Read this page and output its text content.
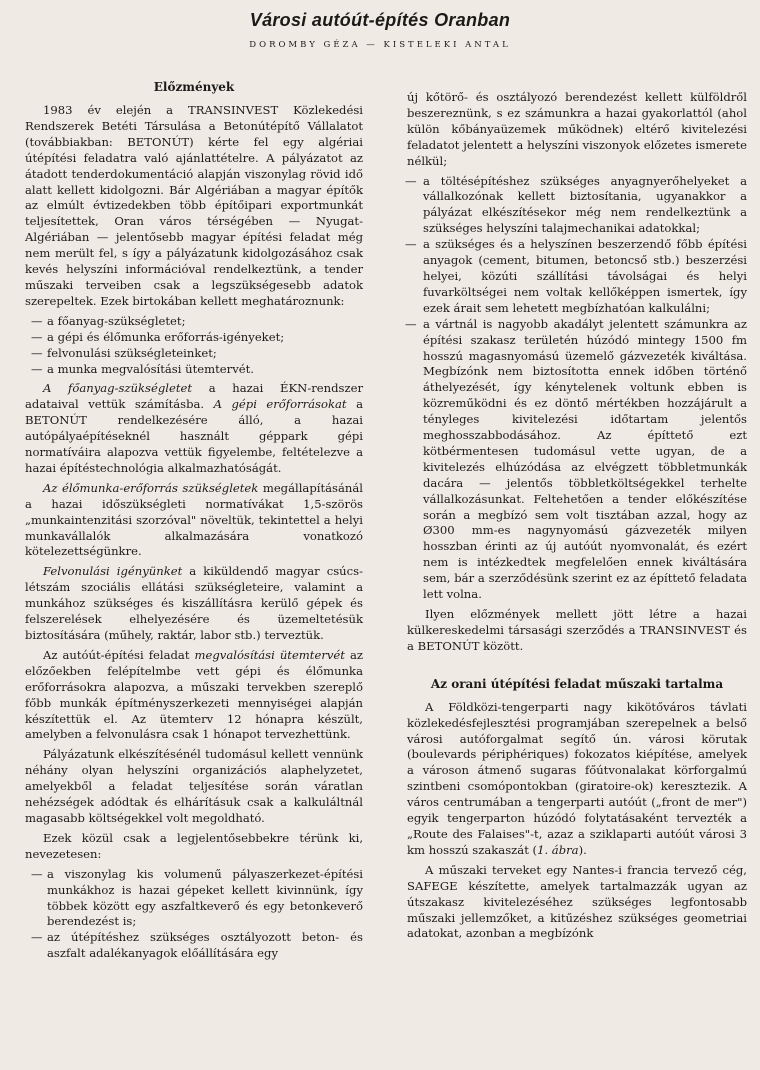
Városi autóút-építés Oranban
DOROMBY GÉZA — KISTELEKI ANTAL
Előzmények

1983 év elején a TRANSINVEST Közlekedési Rendszerek Betéti Társulása a Betonútépítő Vállalatot (továbbiakban: BETONÚT) kérte fel egy algériai útépítési feladatra való ajánlattételre. A pályázatot az átadott tenderdokumentáció alapján viszonylag rövid idő alatt kellett kidolgozni. Bár Algériában a magyar építők az elmúlt évtizedekben több építőipari exportmunkát teljesítettek, Oran város térségében — Nyugat-Algériában — jelentősebb magyar építési feladat még nem merült fel, s így a pályázatunk kidolgozásához csak kevés helyszíni információval rendelkeztünk, a tender műszaki terveiben csak a legszükségesebb adatok szerepeltek. Ezek birtokában kellett meghatároznunk:

— a főanyag-szükségletet;
— a gépi és élőmunka erőforrás-igényeket;
— felvonulási szükségleteinket;
— a munka megvalósítási ütemtervét.

A főanyag-szükségletet a hazai ÉKN-rendszer adataival vettük számításba. A gépi erőforrásokat a BETONÚT rendelkezésére álló, a hazai autópályaépítéseknél használt géppark gépi normatíváira alapozva vettük figyelembe, feltételezve a hazai építéstechnológia alkalmazhatóságát.

Az élőmunka-erőforrás szükségletek megállapításánál a hazai időszükségleti normatívákat 1,5-szörös „munkaintenzitási szorzóval" növeltük, tekintettel a helyi munkavállalók alkalmazására vonatkozó kötelezettségünkre.

Felvonulási igényünket a kiküldendő magyar csúcs-létszám szociális ellátási szükségleteire, valamint a munkához szükséges és kiszállításra kerülő gépek és felszerelések elhelyezésére és üzemeltetésük biztosítására (műhely, raktár, labor stb.) terveztük.

Az autóút-építési feladat megvalósítási ütemtervét az előzőekben felépítelmbe vett gépi és élőmunka erőforrásokra alapozva, a műszaki tervekben szereplő főbb munkák építményszerkezeti mennyiségei alapján készítettük el. Az ütemterv 12 hónapra készült, amelyben a felvonulásra csak 1 hónapot tervezhettünk.

Pályázatunk elkészítésénél tudomásul kellett vennünk néhány olyan helyszíni organizációs alaphelyzetet, amelyekből a feladat teljesítése során váratlan nehézségek adódtak és elhárításuk csak a kalkuláltnál magasabb költségekkel volt megoldható.

Ezek közül csak a legjelentősebbekre térünk ki, nevezetesen:

— a viszonylag kis volumenű pályaszerkezet-építési munkákhoz is hazai gépeket kellett kivinnünk, így többek között egy aszfaltkeverő és egy betonkeverő berendezést is;
— az útépítéshez szükséges osztályozott beton- és aszfalt adalékanyagok előállítására egy

új kőtörő- és osztályozó berendezést kellett külföldről beszereznünk, s ez számunkra a hazai gyakorlattól (ahol külön kőbányaüzemek működnek) eltérő kivitelezési feladatot jelentett a helyszíni viszonyok előzetes ismerete nélkül;

— a töltésépítéshez szükséges anyagnyerőhelyeket a vállalkozónak kellett biztosítania, ugyanakkor a pályázat elkészítésekor még nem rendelkeztünk a szükséges helyszíni talajmechanikai adatokkal;
— a szükséges és a helyszínen beszerzendő főbb építési anyagok (cement, bitumen, betoncső stb.) beszerzési helyei, közúti szállítási távolságai és helyi fuvarköltségei nem voltak kellőképpen ismertek, így ezek árait sem lehetett megbízhatóan kalkulálni;
— a vártnál is nagyobb akadályt jelentett számunkra az építési szakasz területén húzódó mintegy 1500 fm hosszú magasnyomású üzemelő gázvezeték kiváltása. Megbízónk nem biztosította ennek időben történő áthelyezését, így kénytelenek voltunk ebben is közreműködni és ez döntő mértékben hozzájárult a tényleges kivitelezési időtartam jelentős meghosszabbodásához. Az építtető ezt kötbérmentesen tudomásul vette ugyan, de a kivitelezés elhúzódása az elvégzett többletmunkák dacára — jelentős többletköltségekkel terhelte vállalkozásunkat. Feltehetően a tender előkészítése során a megbízó sem volt tisztában azzal, hogy az Ø300 mm-es nagynyomású gázvezeték milyen hosszban érinti az új autóút nyomvonalát, és ezért nem is intézkedtek megfelelően ennek kiváltására sem, bár a szerződésünk szerint ez az építtető feladata lett volna.

Ilyen előzmények mellett jött létre a hazai külkereskedelmi társasági szerződés a TRANSINVEST és a BETONÚT között.

Az orani útépítési feladat műszaki tartalma

A Földközi-tengerparti nagy kikötőváros távlati közlekedésfejlesztési programjában szerepelnek a belső városi autóforgalmat segítő ún. városi körutak (boulevards périphériques) fokozatos kiépítése, amelyek a városon átmenő sugaras főútvonalakat körforgalmú szintbeni csomópontokban (giratoire-ok) keresztezik. A város centrumában a tengerparti autóút („front de mer") egyik tengerparton húzódó folytatásaként tervezték a „Route des Falaises"-t, azaz a sziklaparti autóút városi 3 km hosszú szakaszát (1. ábra).

A műszaki terveket egy Nantes-i francia tervező cég, SAFEGE készítette, amelyek tartalmazzák ugyan az útszakasz kivitelezéséhez szükséges legfontosabb műszaki jellemzőket, a kitűzéshez szükséges geometriai adatokat, azonban a megbízónk
